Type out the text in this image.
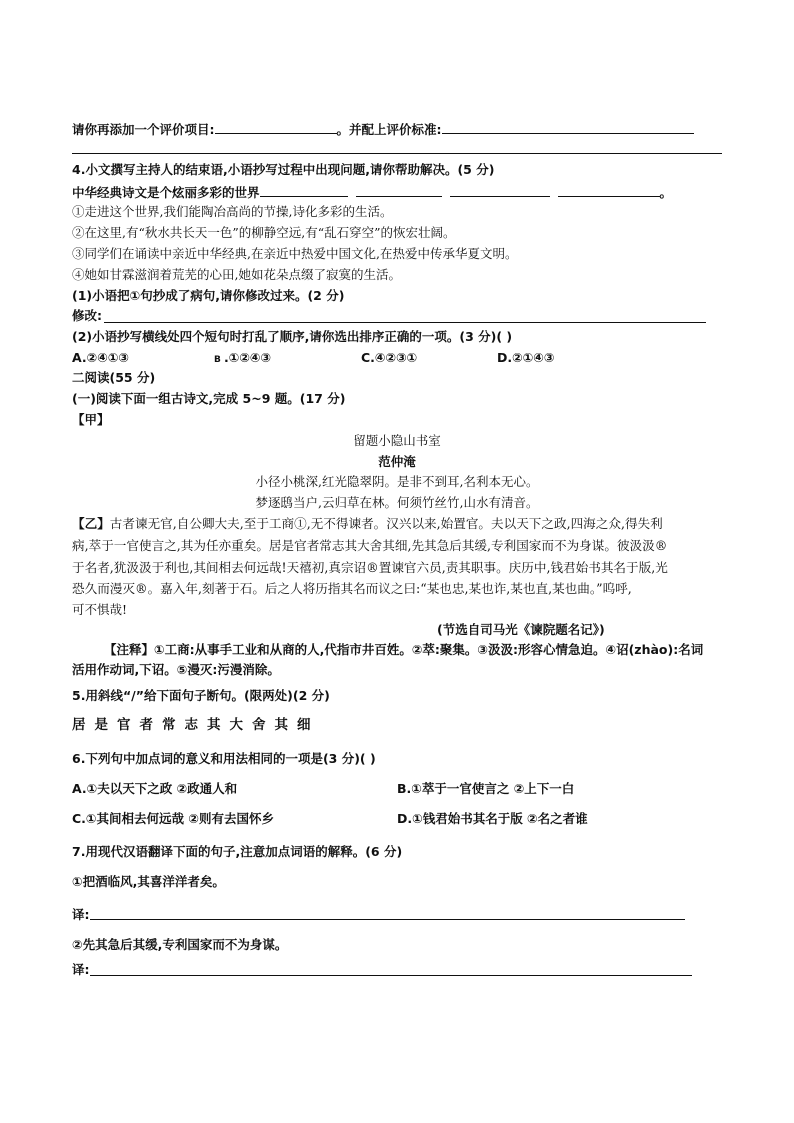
请你再添加一个评价项目:	。并配上评价标准:
4.小文撰写主持人的结束语,小语抄写过程中出现问题,请你帮助解决。(5 分)
中华经典诗文是个炫丽多彩的世界	。
①走进这个世界,我们能陶冶高尚的节操,诗化多彩的生活。
②在这里,有“秋水共长天一色”的柳静空远,有“乱石穿空”的恢宏壮阔。
③同学们在诵读中亲近中华经典,在亲近中热爱中国文化,在热爱中传承华夏文明。
④她如甘霖滋润着荒芜的心田,她如花朵点缀了寂寞的生活。
(1)小语把①句抄成了病句,请你修改过来。(2 分)
修改:
(2)小语抄写横线处四个短句时打乱了顺序,请你选出排序正确的一项。(3 分)( )
A.②④①③	B .①②④③	C.④②③①	D.②①④③
二阅读(55 分)
(一)阅读下面一组古诗文,完成 5~9 题。(17 分)
【甲】
留题小隐山书室
范仲淹
小径小桃深,红光隐翠阴。是非不到耳,名利本无心。
梦逐鸱当户,云归草在林。何须竹丝竹,山水有清音。
【乙】古者谏无官,自公卿大夫,至于工商①,无不得谏者。汉兴以来,始置官。夫以天下之政,四海之众,得失利
病,萃于一官使言之,其为任亦重矣。居是官者常志其大舍其细,先其急后其缓,专利国家而不为身谋。彼汲汲®
于名者,犹汲汲于利也,其间相去何远哉!天禧初,真宗诏®置谏官六员,责其职事。庆历中,钱君始书其名于版,光
恐久而漫灭®。嘉入年,刻著于石。后之人将历指其名而议之曰:“某也忠,某也诈,某也直,某也曲。”呜呼,
可不惧哉!
(节选自司马光《谏院题名记》)
【注释】①工商:从事手工业和从商的人,代指市井百姓。②萃:聚集。③汲汲:形容心情急迫。④诏(zhào):名词
活用作动词,下诏。⑤漫灭:污漫消除。
5.用斜线“/”给下面句子断句。(限两处)(2 分)
居是官者常志其大舍其细
6.下列句中加点词的意义和用法相同的一项是(3 分)( )
A.①夫以天下之政 ②政通人和	B.①萃于一官使言之 ②上下一白
C.①其间相去何远哉 ②则有去国怀乡	D.①钱君始书其名于版 ②名之者谁
7.用现代汉语翻译下面的句子,注意加点词语的解释。(6 分)
①把酒临风,其喜洋洋者矣。
译:
②先其急后其缓,专利国家而不为身谋。
译:
